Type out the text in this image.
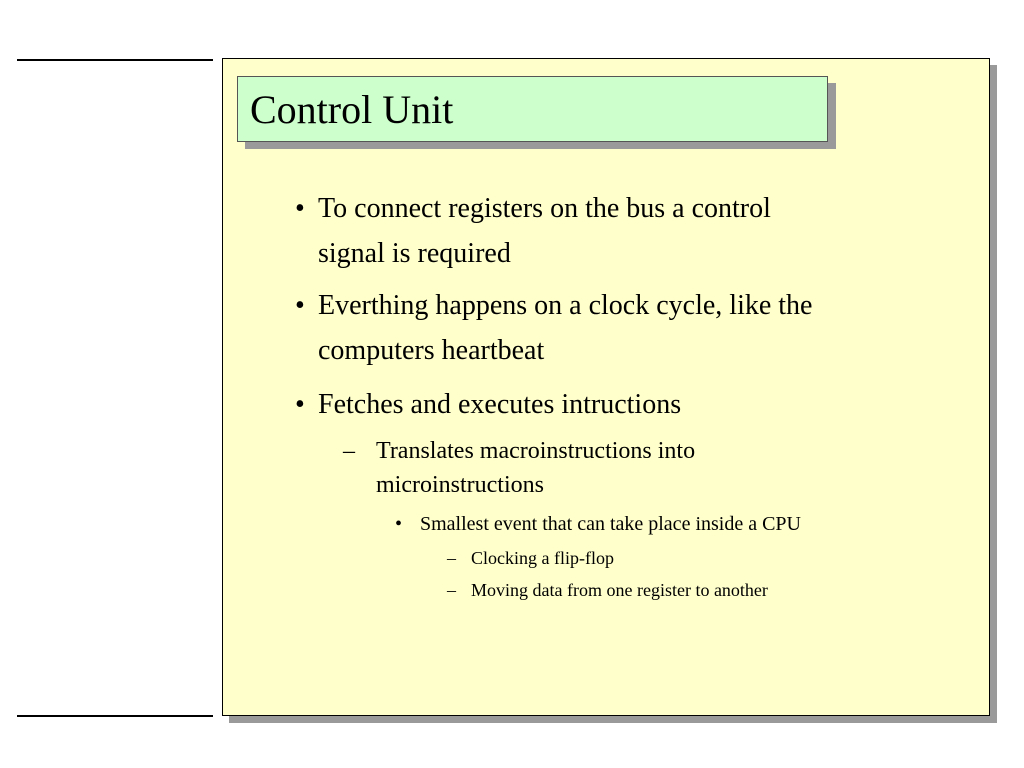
Control Unit
• To connect registers on the bus a control
signal is required
• Everthing happens on a clock cycle, like the
computers heartbeat
• Fetches and executes intructions
– Translates macroinstructions into
microinstructions
• Smallest event that can take place inside a CPU
– Clocking a flip-flop
– Moving data from one register to another
